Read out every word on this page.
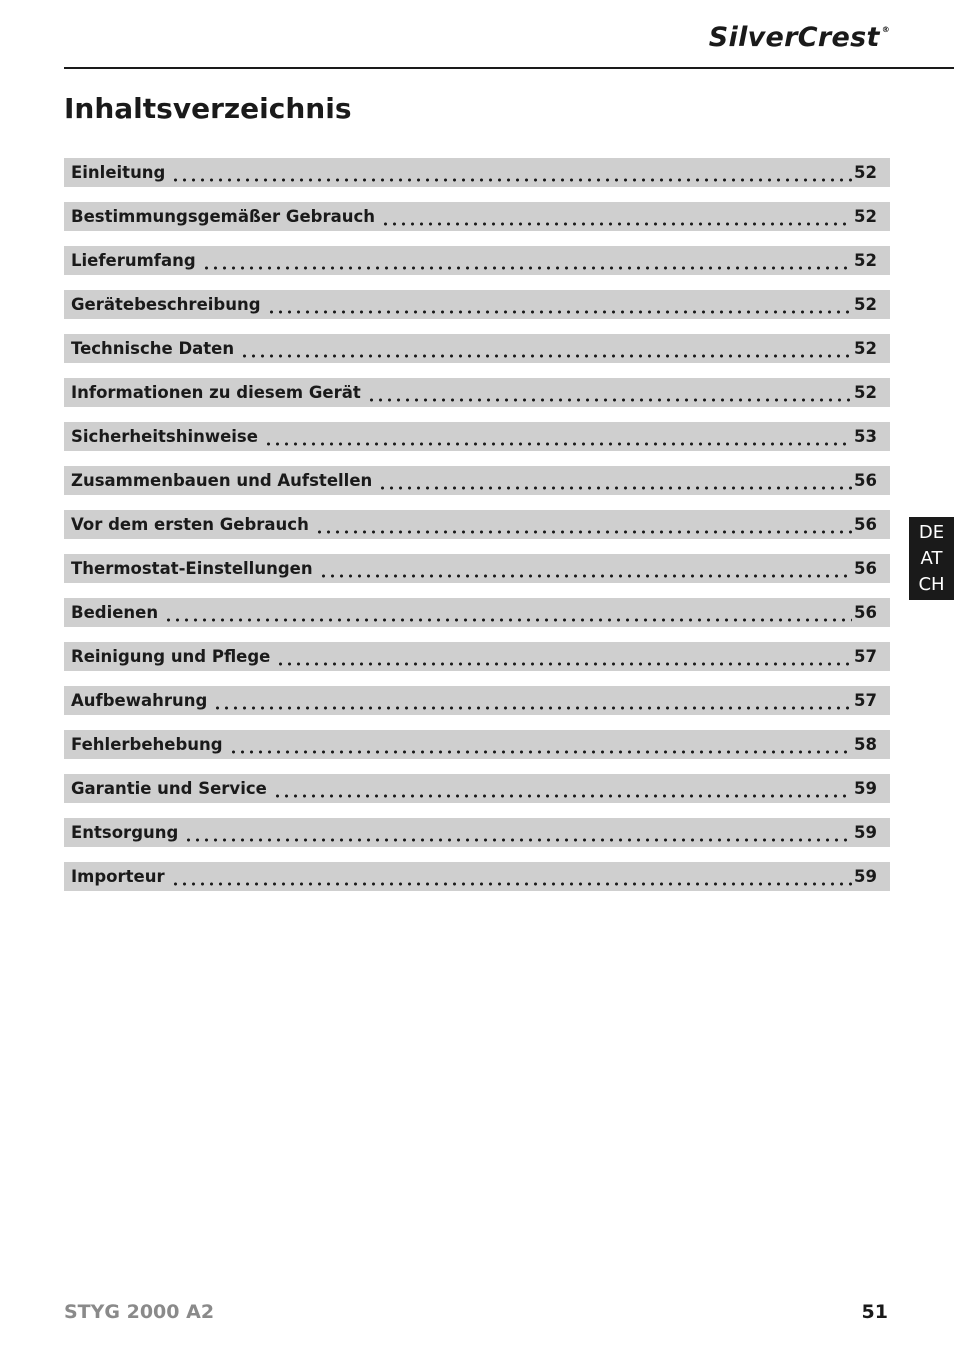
SilverCrest ®
Inhaltsverzeichnis
Einleitung	52
Bestimmungsgemäßer Gebrauch	52
Lieferumfang	52
Gerätebeschreibung	52
Technische Daten	52
Informationen zu diesem Gerät	52
Sicherheitshinweise	53
Zusammenbauen und Aufstellen	56
Vor dem ersten Gebrauch	56
Thermostat-Einstellungen	56
Bedienen	56
Reinigung und Pflege	57
Aufbewahrung	57
Fehlerbehebung	58
Garantie und Service	59
Entsorgung	59
Importeur	59
DE
AT
CH
STYG 2000 A2	51
